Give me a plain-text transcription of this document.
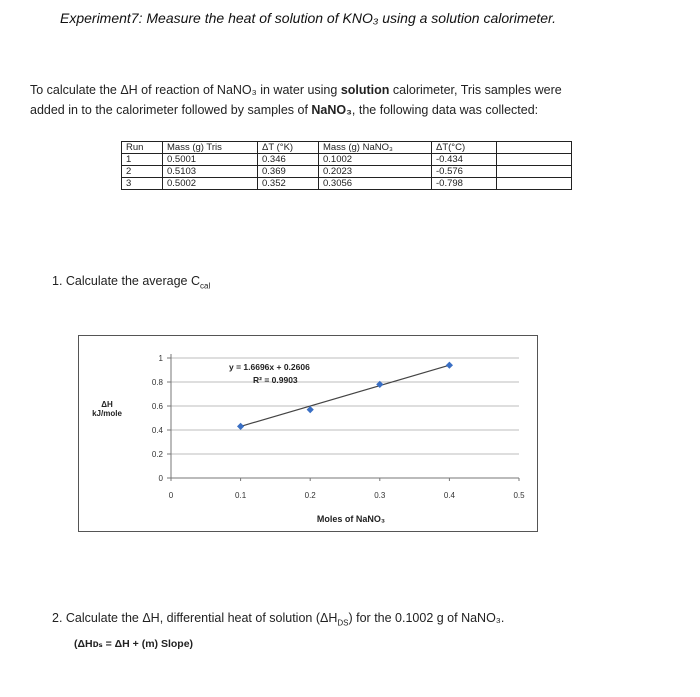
Experiment7: Measure the heat of solution of KNO₃ using a solution calorimeter.
To calculate the ΔH of reaction of NaNO₃ in water using solution calorimeter, Tris samples were
added in to the calorimeter followed by samples of NaNO₃, the following data was collected:
Run	Mass (g) Tris	ΔT (°K)	Mass (g) NaNO₃	ΔT(°C)	
1	0.5001	0.346	0.1002	-0.434	
2	0.5103	0.369	0.2023	-0.576	
3	0.5002	0.352	0.3056	-0.798	
1. Calculate the average $C_{cal}$
0
0.2
0.4
0.6
0.8
1
0	0.1	0.2	0.3	0.4	0.5
Moles of NaNO₃
ΔH
kJ/mole
y = 1.6696x + 0.2606
R² = 0.9903
2. Calculate the ΔH, differential heat of solution $(\Delta H_{DS})$ for the 0.1002 g of NaNO₃.
(ΔHᴅₛ = ΔH + (m) Slope)
